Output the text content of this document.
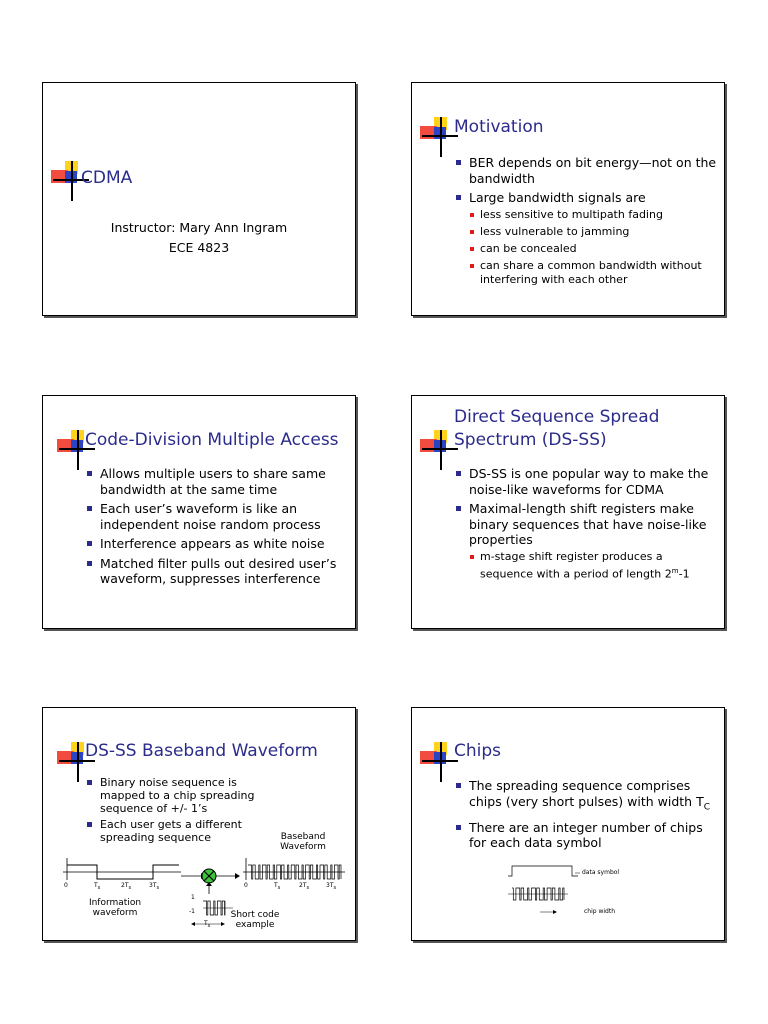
CDMA
Instructor: Mary Ann Ingram
ECE 4823
Motivation
BER depends on bit energy—not on the bandwidth
Large bandwidth signals are
less sensitive to multipath fading
less vulnerable to jamming
can be concealed
can share a common bandwidth without interfering with each other
Code-Division Multiple Access
Allows multiple users to share same bandwidth at the same time
Each user’s waveform is like an independent noise random process
Interference appears as white noise
Matched filter pulls out desired user’s waveform, suppresses interference
Direct Sequence Spread
Spectrum (DS-SS)
DS-SS is one popular way to make the noise-like waveforms for CDMA
Maximal-length shift registers make binary sequences that have noise-like properties
m-stage shift register produces a sequence with a period of length 2$^m$-1
DS-SS Baseband Waveform
Binary noise sequence is mapped to a chip spreading sequence of +/- 1’s
Each user gets a different spreading sequence	Baseband Waveform
0	$T_s$	$2T_s$	$3T_s$	0	$T_s$	$2T_s$	$3T_s$
Information waveform
1
-1
$T_s$
Short code example
Chips
The spreading sequence comprises chips (very short pulses) with width $T_C$
There are an integer number of chips for each data symbol
data symbol
chip width
